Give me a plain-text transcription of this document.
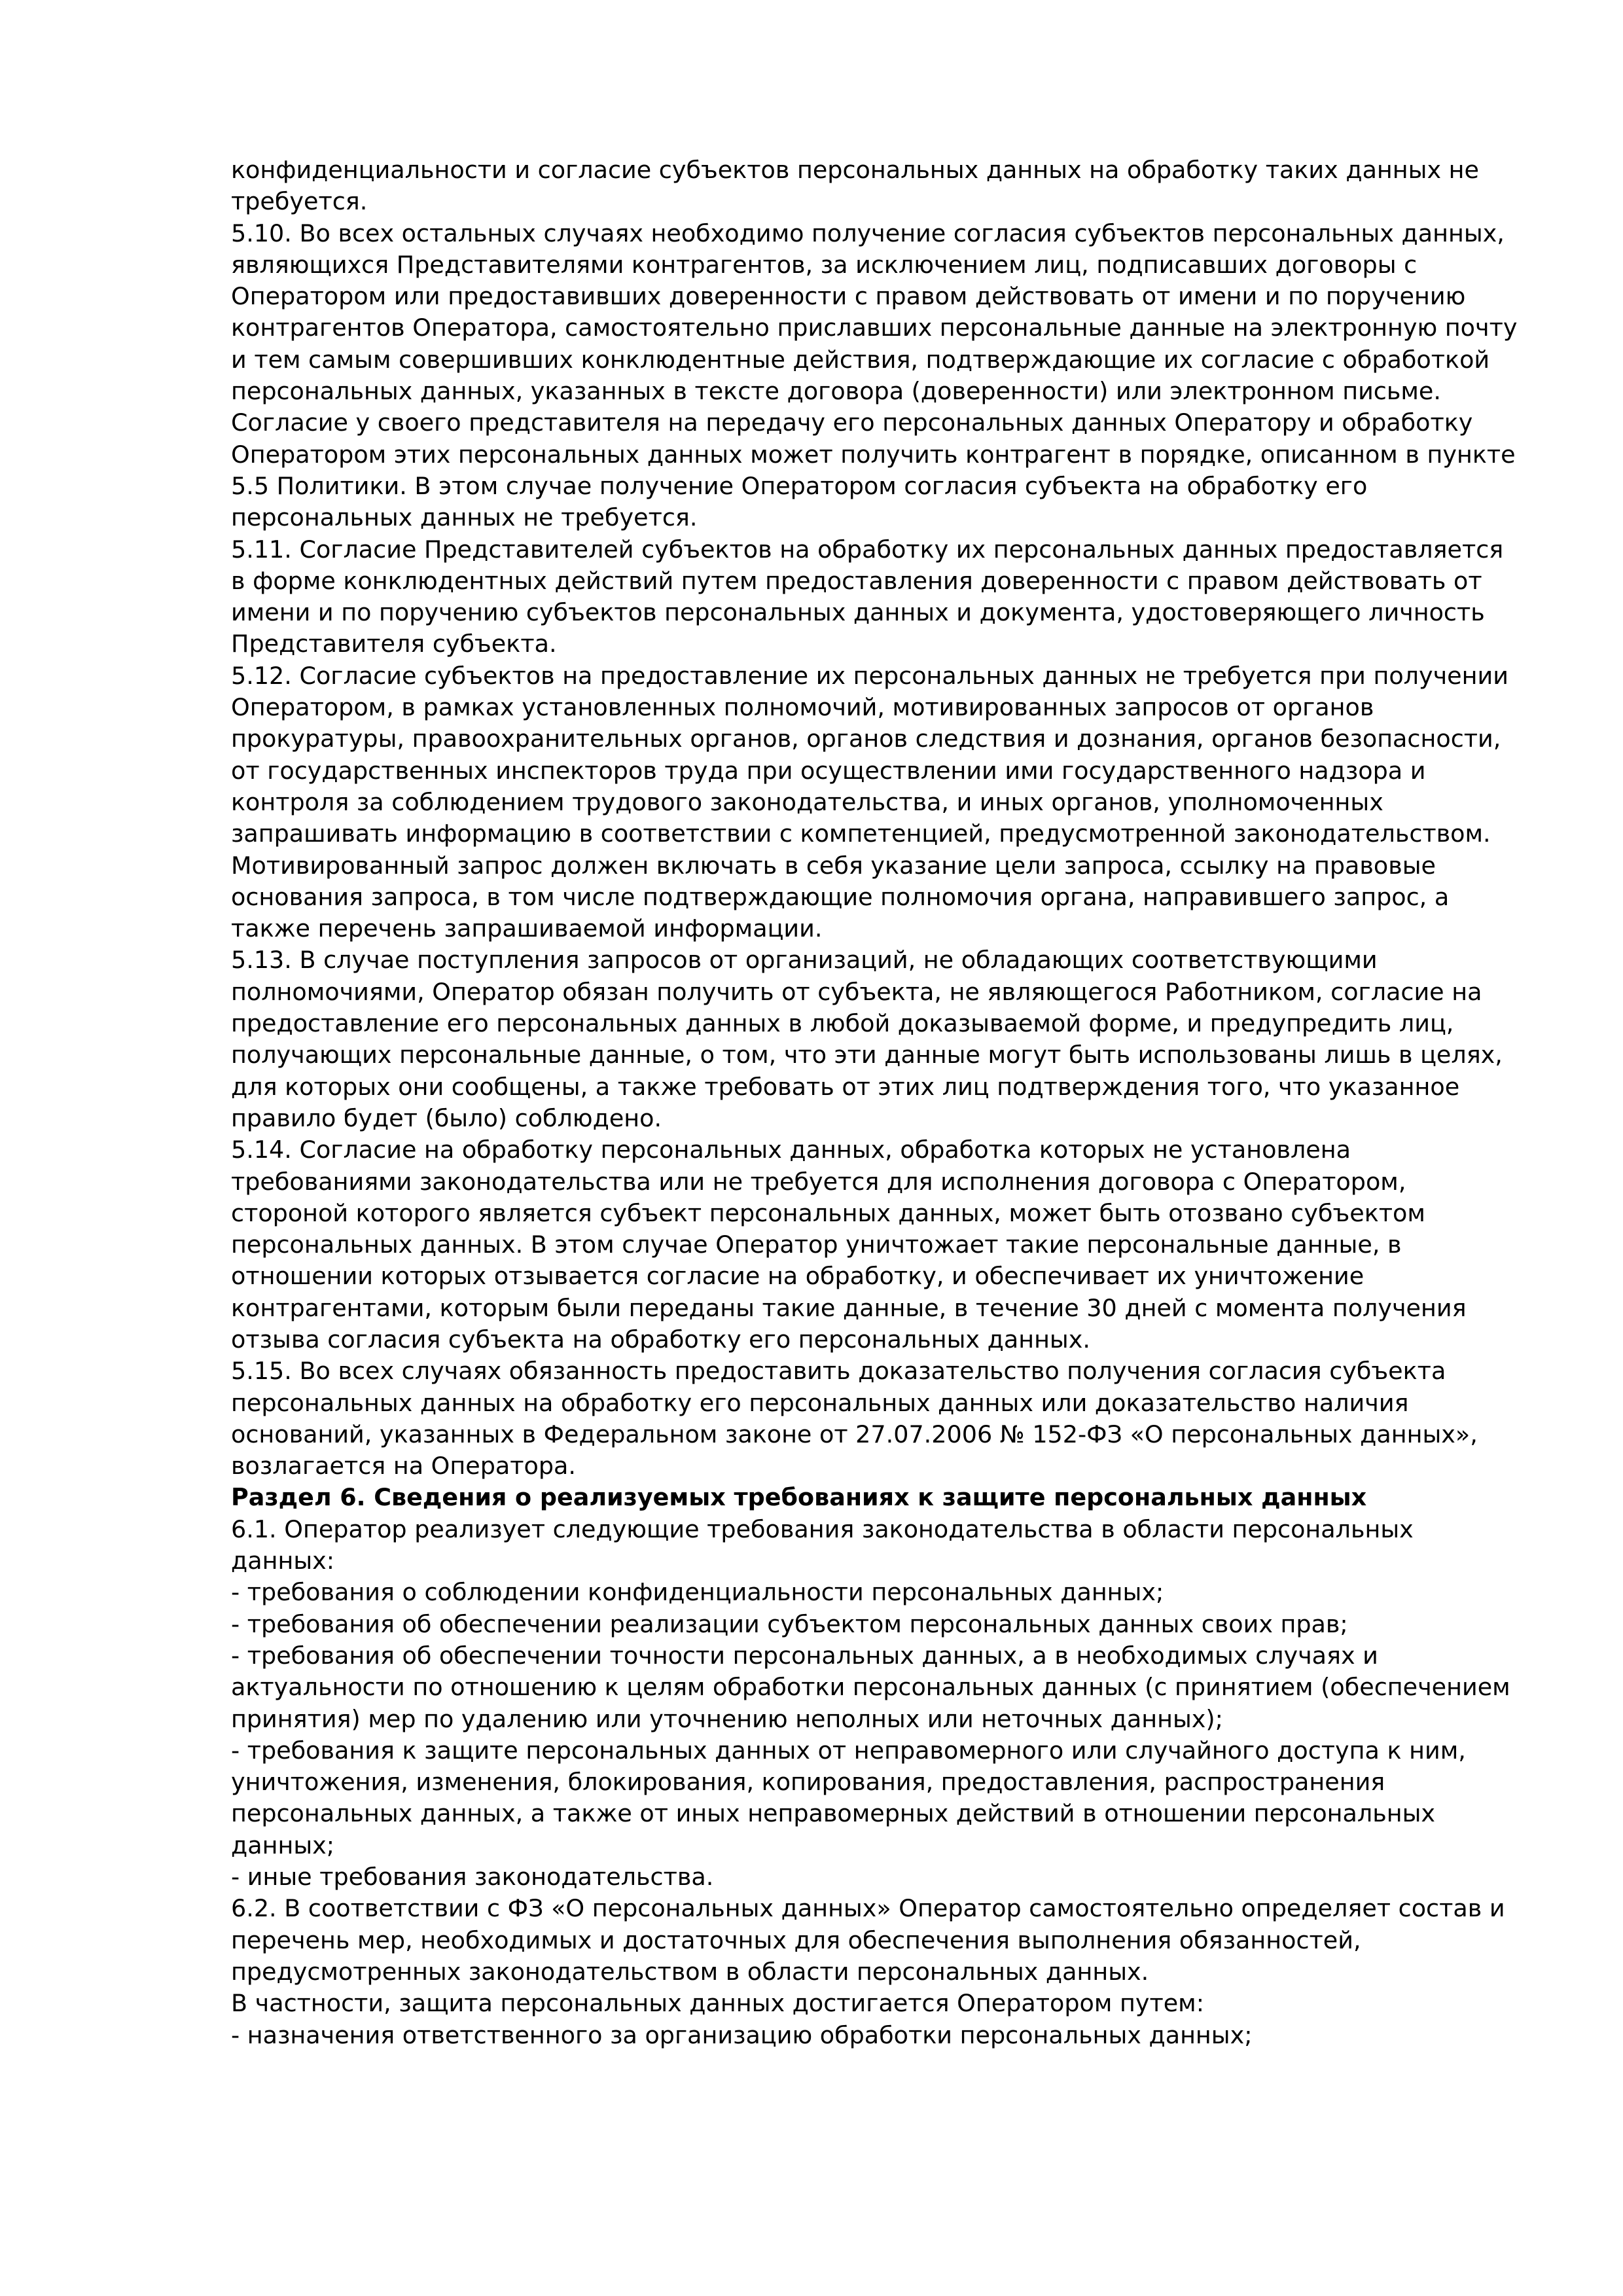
конфиденциальности и согласие субъектов персональных данных на обработку таких данных не требуется.

5.10. Во всех остальных случаях необходимо получение согласия субъектов персональных данных, являющихся Представителями контрагентов, за исключением лиц, подписавших договоры с Оператором или предоставивших доверенности с правом действовать от имени и по поручению контрагентов Оператора, самостоятельно приславших персональные данные на электронную почту и тем самым совершивших конклюдентные действия, подтверждающие их согласие с обработкой персональных данных, указанных в тексте договора (доверенности) или электронном письме. Согласие у своего представителя на передачу его персональных данных Оператору и обработку Оператором этих персональных данных может получить контрагент в порядке, описанном в пункте 5.5 Политики. В этом случае получение Оператором согласия субъекта на обработку его персональных данных не требуется.

5.11. Согласие Представителей субъектов на обработку их персональных данных предоставляется в форме конклюдентных действий путем предоставления доверенности с правом действовать от имени и по поручению субъектов персональных данных и документа, удостоверяющего личность Представителя субъекта.

5.12. Согласие субъектов на предоставление их персональных данных не требуется при получении Оператором, в рамках установленных полномочий, мотивированных запросов от органов прокуратуры, правоохранительных органов, органов следствия и дознания, органов безопасности, от государственных инспекторов труда при осуществлении ими государственного надзора и контроля за соблюдением трудового законодательства, и иных органов, уполномоченных запрашивать информацию в соответствии с компетенцией, предусмотренной законодательством. Мотивированный запрос должен включать в себя указание цели запроса, ссылку на правовые основания запроса, в том числе подтверждающие полномочия органа, направившего запрос, а также перечень запрашиваемой информации.

5.13. В случае поступления запросов от организаций, не обладающих соответствующими полномочиями, Оператор обязан получить от субъекта, не являющегося Работником, согласие на предоставление его персональных данных в любой доказываемой форме, и предупредить лиц, получающих персональные данные, о том, что эти данные могут быть использованы лишь в целях, для которых они сообщены, а также требовать от этих лиц подтверждения того, что указанное правило будет (было) соблюдено.

5.14. Согласие на обработку персональных данных, обработка которых не установлена требованиями законодательства или не требуется для исполнения договора с Оператором, стороной которого является субъект персональных данных, может быть отозвано субъектом персональных данных. В этом случае Оператор уничтожает такие персональные данные, в отношении которых отзывается согласие на обработку, и обеспечивает их уничтожение контрагентами, которым были переданы такие данные, в течение 30 дней с момента получения отзыва согласия субъекта на обработку его персональных данных.

5.15. Во всех случаях обязанность предоставить доказательство получения согласия субъекта персональных данных на обработку его персональных данных или доказательство наличия оснований, указанных в Федеральном законе от 27.07.2006 № 152-ФЗ «О персональных данных», возлагается на Оператора.

Раздел 6. Сведения о реализуемых требованиях к защите персональных данных

6.1. Оператор реализует следующие требования законодательства в области персональных данных:

- требования о соблюдении конфиденциальности персональных данных;

- требования об обеспечении реализации субъектом персональных данных своих прав;

- требования об обеспечении точности персональных данных, а в необходимых случаях и актуальности по отношению к целям обработки персональных данных (с принятием (обеспечением принятия) мер по удалению или уточнению неполных или неточных данных);

- требования к защите персональных данных от неправомерного или случайного доступа к ним, уничтожения, изменения, блокирования, копирования, предоставления, распространения персональных данных, а также от иных неправомерных действий в отношении персональных данных;

- иные требования законодательства.

6.2. В соответствии с ФЗ «О персональных данных» Оператор самостоятельно определяет состав и перечень мер, необходимых и достаточных для обеспечения выполнения обязанностей, предусмотренных законодательством в области персональных данных.

В частности, защита персональных данных достигается Оператором путем:

- назначения ответственного за организацию обработки персональных данных;
